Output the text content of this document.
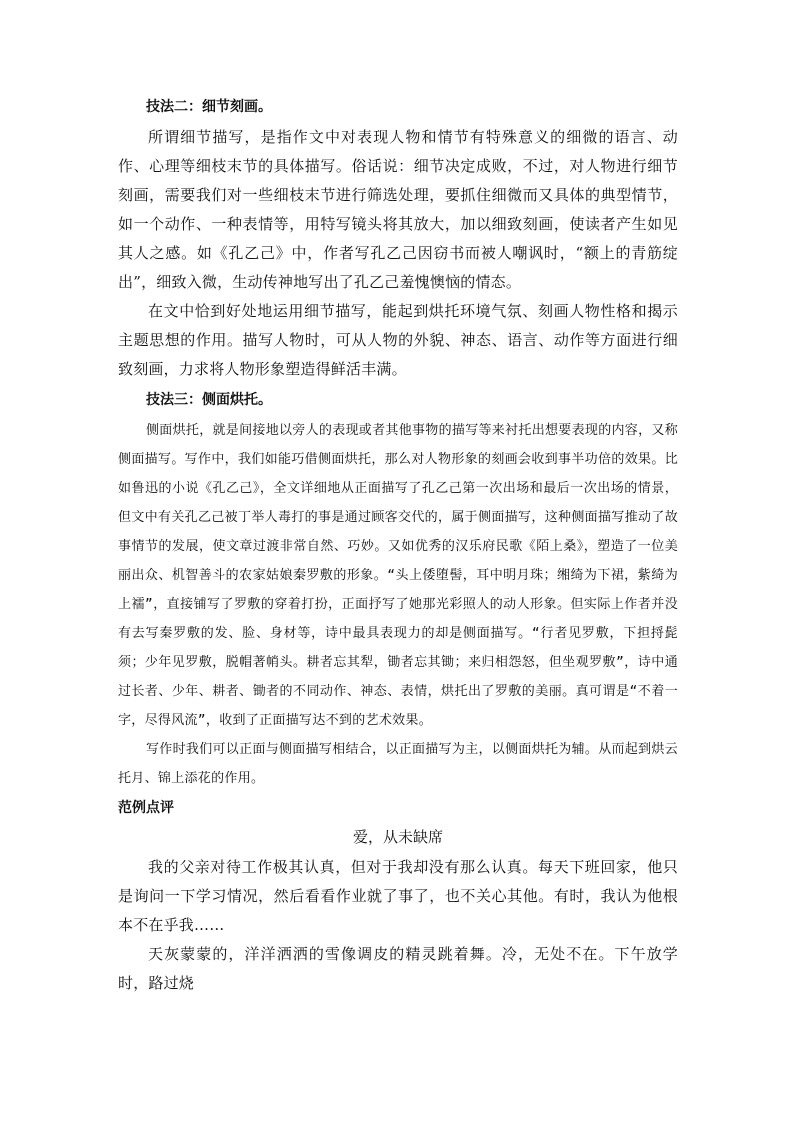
技法二：细节刻画。

所谓细节描写，是指作文中对表现人物和情节有特殊意义的细微的语言、动作、心理等细枝末节的具体描写。俗话说：细节决定成败，不过，对人物进行细节刻画，需要我们对一些细枝末节进行筛选处理，要抓住细微而又具体的典型情节，如一个动作、一种表情等，用特写镜头将其放大，加以细致刻画，使读者产生如见其人之感。如《孔乙己》中，作者写孔乙己因窃书而被人嘲讽时，“额上的青筋绽出”，细致入微，生动传神地写出了孔乙己羞愧懊恼的情态。

在文中恰到好处地运用细节描写，能起到烘托环境气氛、刻画人物性格和揭示主题思想的作用。描写人物时，可从人物的外貌、神态、语言、动作等方面进行细致刻画，力求将人物形象塑造得鲜活丰满。

技法三：侧面烘托。

侧面烘托，就是间接地以旁人的表现或者其他事物的描写等来衬托出想要表现的内容，又称侧面描写。写作中，我们如能巧借侧面烘托，那么对人物形象的刻画会收到事半功倍的效果。比如鲁迅的小说《孔乙己》，全文详细地从正面描写了孔乙己第一次出场和最后一次出场的情景，但文中有关孔乙己被丁举人毒打的事是通过顾客交代的，属于侧面描写，这种侧面描写推动了故事情节的发展，使文章过渡非常自然、巧妙。又如优秀的汉乐府民歌《陌上桑》，塑造了一位美丽出众、机智善斗的农家姑娘秦罗敷的形象。“头上倭堕髻，耳中明月珠；缃绮为下裙，紫绮为上襦”，直接铺写了罗敷的穿着打扮，正面抒写了她那光彩照人的动人形象。但实际上作者并没有去写秦罗敷的发、脸、身材等，诗中最具表现力的却是侧面描写。“行者见罗敷，下担捋髭须；少年见罗敷，脱帽著帩头。耕者忘其犁，锄者忘其锄；来归相怨怒，但坐观罗敷”，诗中通过长者、少年、耕者、锄者的不同动作、神态、表情，烘托出了罗敷的美丽。真可谓是“不着一字，尽得风流”，收到了正面描写达不到的艺术效果。

写作时我们可以正面与侧面描写相结合，以正面描写为主，以侧面烘托为辅。从而起到烘云托月、锦上添花的作用。

范例点评
爱，从未缺席

我的父亲对待工作极其认真，但对于我却没有那么认真。每天下班回家，他只是询问一下学习情况，然后看看作业就了事了，也不关心其他。有时，我认为他根本不在乎我……

天灰蒙蒙的，洋洋洒洒的雪像调皮的精灵跳着舞。冷，无处不在。下午放学时，路过烧
